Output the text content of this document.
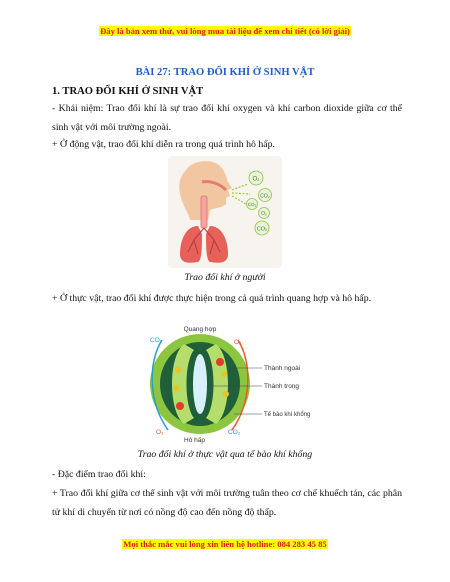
Đây là bản xem thử, vui lòng mua tài liệu để xem chi tiết (có lời giải)
BÀI 27: TRAO ĐỔI KHÍ Ở SINH VẬT
1. TRAO ĐỔI KHÍ Ở SINH VẬT
- Khái niệm: Trao đổi khí là sự trao đổi khí oxygen và khí carbon dioxide giữa cơ thể sinh vật với môi trường ngoài.
+ Ở động vật, trao đổi khí diễn ra trong quá trình hô hấp.
O₂
CO₂
CO₂
O₂
CO₂
Trao đổi khí ở người
+ Ở thực vật, trao đổi khí được thực hiện trong cả quá trình quang hợp và hô hấp.
Quang hợp
CO₂	O₂
O₂	CO₂
Hô hấp
Thành ngoài
Thành trong
Tế bào khí khổng
Trao đổi khí ở thực vật qua tế bào khí khổng
- Đặc điểm trao đổi khí:
+ Trao đổi khí giữa cơ thể sinh vật với môi trường tuân theo cơ chế khuếch tán, các phân tử khí di chuyển từ nơi có nồng độ cao đến nồng độ thấp.
Mọi thắc mắc vui lòng xin liên hệ hotline: 084 283 45 85
